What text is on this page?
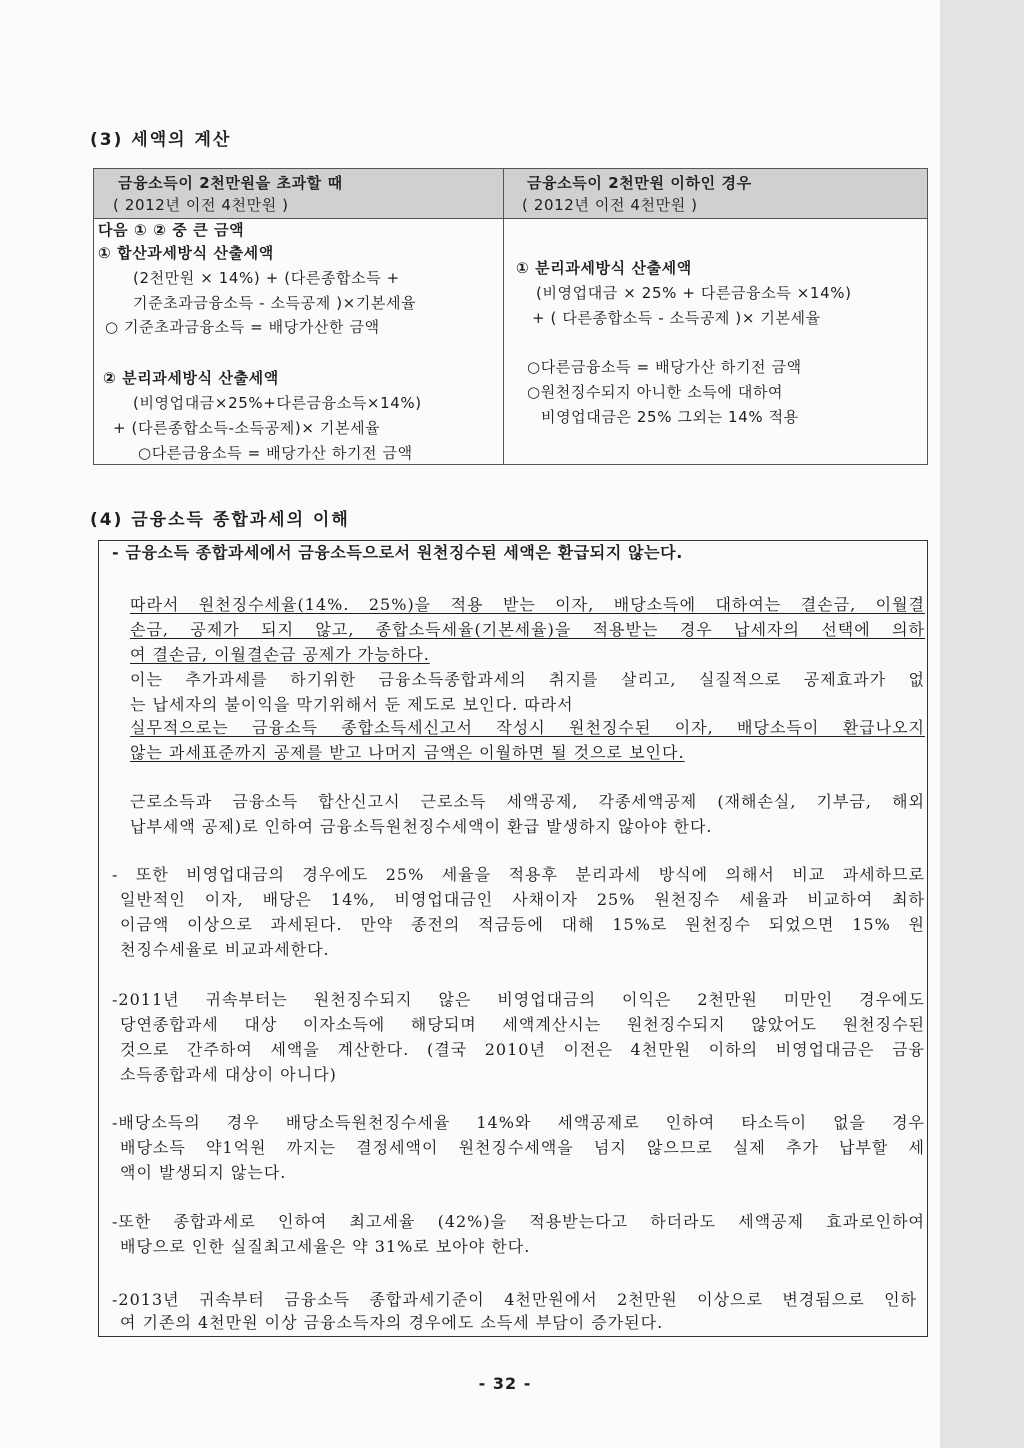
(3) 세액의 계산
금융소득이 2천만원을 초과할 때
( 2012년 이전 4천만원 )
금융소득이 2천만원 이하인 경우
( 2012년 이전 4천만원 )
다음 ① ② 중 큰 금액
① 합산과세방식 산출세액
(2천만원 × 14%) + (다른종합소득 +
기준초과금융소득 - 소득공제 )×기본세율
○ 기준초과금융소득 = 배당가산한 금액
② 분리과세방식 산출세액
(비영업대금×25%+다른금융소득×14%)
+ (다른종합소득-소득공제)× 기본세율
○다른금융소득 = 배당가산 하기전 금액
① 분리과세방식 산출세액
(비영업대금 × 25% + 다른금융소득 ×14%)
+ ( 다른종합소득 - 소득공제 )× 기본세율
○다른금융소득 = 배당가산 하기전 금액
○원천징수되지 아니한 소득에 대하여
비영업대금은 25% 그외는 14% 적용
(4) 금융소득 종합과세의 이해
- 금융소득 종합과세에서 금융소득으로서 원천징수된 세액은 환급되지 않는다.
따라서 원천징수세율(14%. 25%)을 적용 받는 이자, 배당소득에 대하여는 결손금, 이월결
손금, 공제가 되지 않고, 종합소득세율(기본세율)을 적용받는 경우 납세자의 선택에 의하
여 결손금, 이월결손금 공제가 가능하다.
이는 추가과세를 하기위한 금융소득종합과세의 취지를 살리고, 실질적으로 공제효과가 없
는 납세자의 불이익을 막기위해서 둔 제도로 보인다. 따라서
실무적으로는 금융소득 종합소득세신고서 작성시 원천징수된 이자, 배당소득이 환급나오지
않는 과세표준까지 공제를 받고 나머지 금액은 이월하면 될 것으로 보인다.
근로소득과 금융소득 합산신고시 근로소득 세액공제, 각종세액공제 (재해손실, 기부금, 해외
납부세액 공제)로 인하여 금융소득원천징수세액이 환급 발생하지 않아야 한다.
- 또한 비영업대금의 경우에도 25% 세율을 적용후 분리과세 방식에 의해서 비교 과세하므로
일반적인 이자, 배당은 14%, 비영업대금인 사채이자 25% 원천징수 세율과 비교하여 최하
이금액 이상으로 과세된다. 만약 종전의 적금등에 대해 15%로 원천징수 되었으면 15% 원
천징수세율로 비교과세한다.
-2011년 귀속부터는 원천징수되지 않은 비영업대금의 이익은 2천만원 미만인 경우에도
당연종합과세 대상 이자소득에 해당되며 세액계산시는 원천징수되지 않았어도 원천징수된
것으로 간주하여 세액을 계산한다. (결국 2010년 이전은 4천만원 이하의 비영업대금은 금융
소득종합과세 대상이 아니다)
-배당소득의 경우 배당소득원천징수세율 14%와 세액공제로 인하여 타소득이 없을 경우
배당소득 약1억원 까지는 결정세액이 원천징수세액을 넘지 않으므로 실제 추가 납부할 세
액이 발생되지 않는다.
-또한 종합과세로 인하여 최고세율 (42%)을 적용받는다고 하더라도 세액공제 효과로인하여
배당으로 인한 실질최고세율은 약 31%로 보아야 한다.
-2013년 귀속부터 금융소득 종합과세기준이 4천만원에서 2천만원 이상으로 변경됨으로 인하
여 기존의 4천만원 이상 금융소득자의 경우에도 소득세 부담이 증가된다.
- 32 -
